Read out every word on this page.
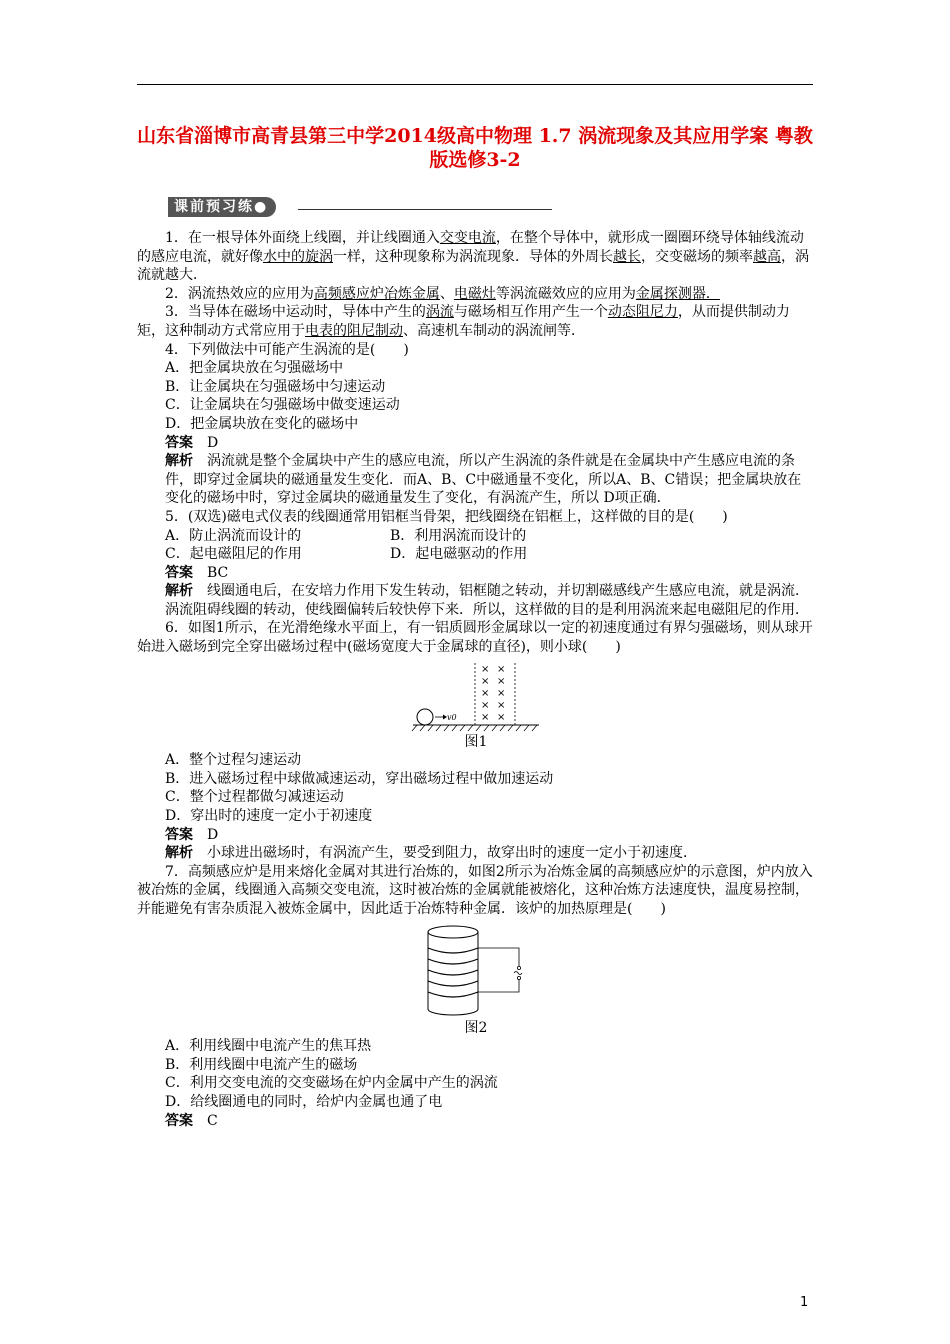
山东省淄博市高青县第三中学2014级高中物理 1.7 涡流现象及其应用学案 粤教版选修3-2
课前预习练●

1．在一根导体外面绕上线圈，并让线圈通入交变电流，在整个导体中，就形成一圈圈环绕导体轴线流动的感应电流，就好像水中的旋涡一样，这种现象称为涡流现象．导体的外周长越长，交变磁场的频率越高，涡流就越大．

2．涡流热效应的应用为高频感应炉冶炼金属、电磁灶等涡流磁效应的应用为金属探测器．

3．当导体在磁场中运动时，导体中产生的涡流与磁场相互作用产生一个动态阻尼力，从而提供制动力矩，这种制动方式常应用于电表的阻尼制动、高速机车制动的涡流闸等．

4．下列做法中可能产生涡流的是(　　)

A．把金属块放在匀强磁场中

B．让金属块在匀强磁场中匀速运动

C．让金属块在匀强磁场中做变速运动

D．把金属块放在变化的磁场中

答案　 D

解析　 涡流就是整个金属块中产生的感应电流，所以产生涡流的条件就是在金属块中产生感应电流的条件，即穿过金属块的磁通量发生变化．而A、B、C中磁通量不变化，所以A、B、C错误；把金属块放在变化的磁场中时，穿过金属块的磁通量发生了变化，有涡流产生，所以 D项正确．

5．(双选)磁电式仪表的线圈通常用铝框当骨架，把线圈绕在铝框上，这样做的目的是(　　)

A．防止涡流而设计的	B．利用涡流而设计的

C．起电磁阻尼的作用	D．起电磁驱动的作用

答案　 BC

解析　 线圈通电后，在安培力作用下发生转动，铝框随之转动，并切割磁感线产生感应电流，就是涡流．涡流阻碍线圈的转动，使线圈偏转后较快停下来．所以，这样做的目的是利用涡流来起电磁阻尼的作用．

6．如图1所示，在光滑绝缘水平面上，有一铝质圆形金属球以一定的初速度通过有界匀强磁场，则从球开始进入磁场到完全穿出磁场过程中(磁场宽度大于金属球的直径)，则小球(　　)

× ×
× ×
× ×
× ×
× ×
v0

图1

A．整个过程匀速运动

B．进入磁场过程中球做减速运动，穿出磁场过程中做加速运动

C．整个过程都做匀减速运动

D．穿出时的速度一定小于初速度

答案　 D

解析　 小球进出磁场时，有涡流产生，要受到阻力，故穿出时的速度一定小于初速度．

7．高频感应炉是用来熔化金属对其进行冶炼的，如图2所示为冶炼金属的高频感应炉的示意图，炉内放入被冶炼的金属，线圈通入高频交变电流，这时被冶炼的金属就能被熔化，这种冶炼方法速度快，温度易控制，并能避免有害杂质混入被炼金属中，因此适于冶炼特种金属．该炉的加热原理是(　　)

图2

A．利用线圈中电流产生的焦耳热

B．利用线圈中电流产生的磁场

C．利用交变电流的交变磁场在炉内金属中产生的涡流

D．给线圈通电的同时，给炉内金属也通了电

答案　 C

1
